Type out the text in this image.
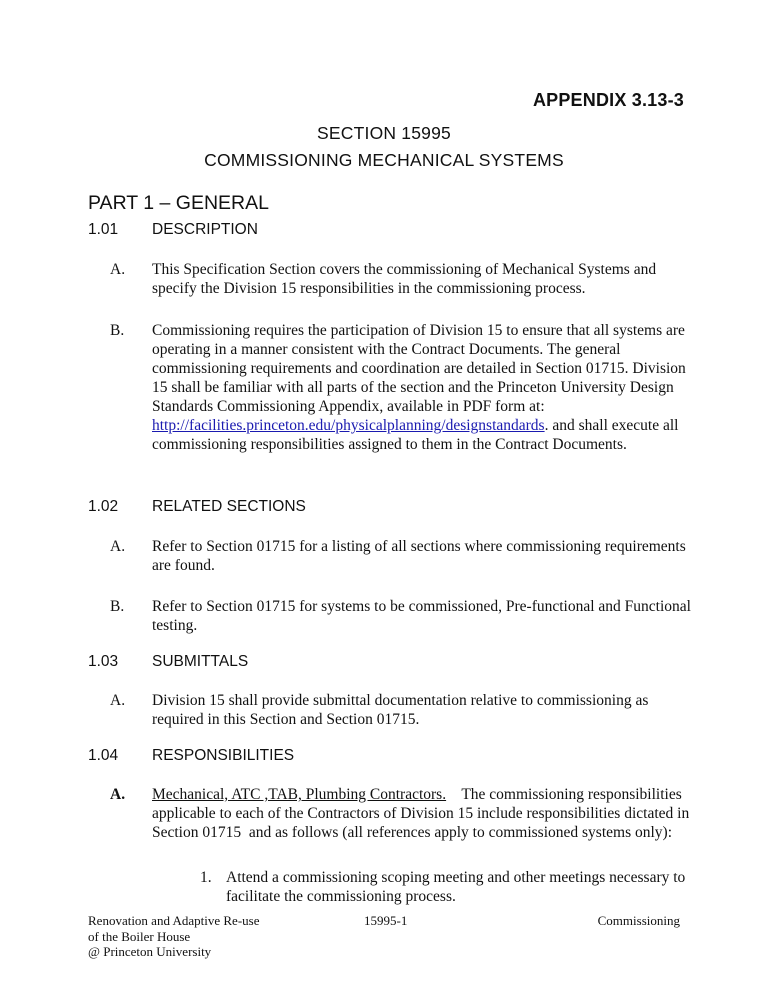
APPENDIX 3.13-3
SECTION 15995
COMMISSIONING MECHANICAL SYSTEMS
PART 1 – GENERAL
1.01 DESCRIPTION
A. This Specification Section covers the commissioning of Mechanical Systems and specify the Division 15 responsibilities in the commissioning process.
B. Commissioning requires the participation of Division 15 to ensure that all systems are operating in a manner consistent with the Contract Documents. The general commissioning requirements and coordination are detailed in Section 01715. Division 15 shall be familiar with all parts of the section and the Princeton University Design Standards Commissioning Appendix, available in PDF form at: http://facilities.princeton.edu/physicalplanning/designstandards. and shall execute all commissioning responsibilities assigned to them in the Contract Documents.
1.02 RELATED SECTIONS
A. Refer to Section 01715 for a listing of all sections where commissioning requirements are found.
B. Refer to Section 01715 for systems to be commissioned, Pre-functional and Functional testing.
1.03 SUBMITTALS
A. Division 15 shall provide submittal documentation relative to commissioning as required in this Section and Section 01715.
1.04 RESPONSIBILITIES
A. Mechanical, ATC ,TAB, Plumbing Contractors.    The commissioning responsibilities applicable to each of the Contractors of Division 15 include responsibilities dictated in Section 01715  and as follows (all references apply to commissioned systems only):
1. Attend a commissioning scoping meeting and other meetings necessary to facilitate the commissioning process.
Renovation and Adaptive Re-use
of the Boiler House
@ Princeton University
15995-1	Commissioning
